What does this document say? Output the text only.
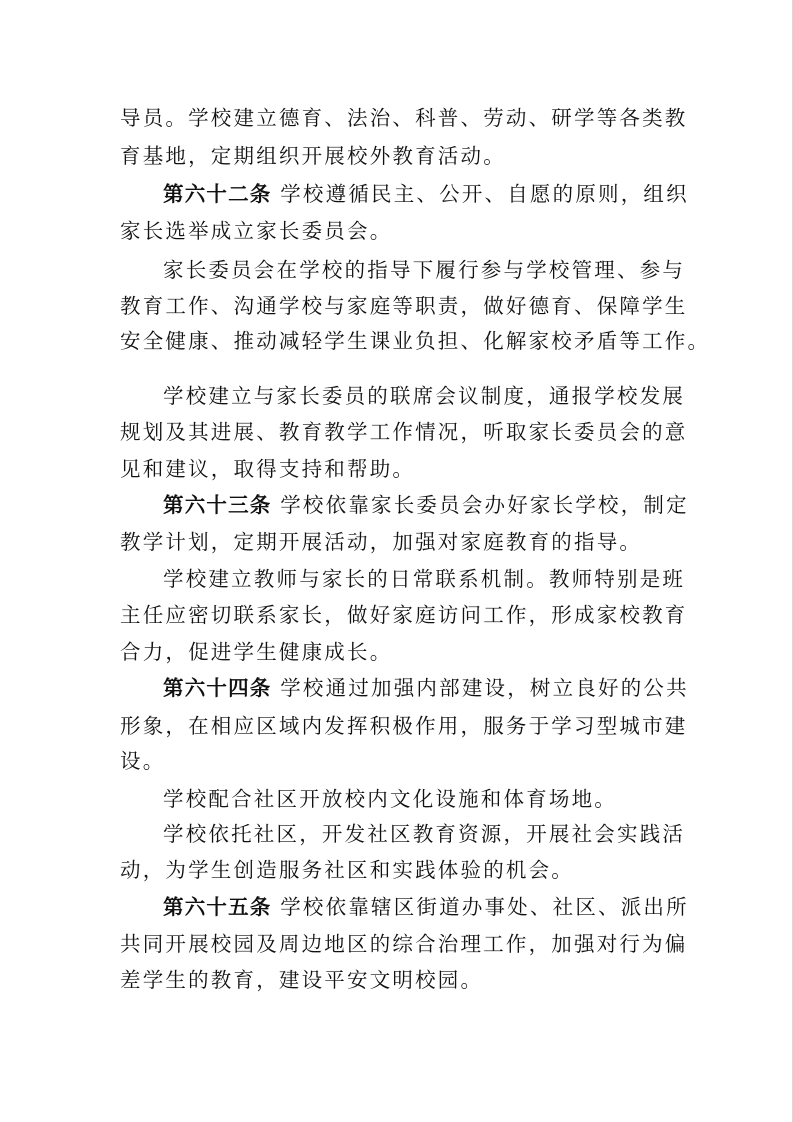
导员。学校建立德育、法治、科普、劳动、研学等各类教
育基地，定期组织开展校外教育活动。
第六十二条 学校遵循民主、公开、自愿的原则，组织
家长选举成立家长委员会。
家长委员会在学校的指导下履行参与学校管理、参与
教育工作、沟通学校与家庭等职责，做好德育、保障学生
安全健康、推动减轻学生课业负担、化解家校矛盾等工作。
学校建立与家长委员的联席会议制度，通报学校发展
规划及其进展、教育教学工作情况，听取家长委员会的意
见和建议，取得支持和帮助。
第六十三条 学校依靠家长委员会办好家长学校，制定
教学计划，定期开展活动，加强对家庭教育的指导。
学校建立教师与家长的日常联系机制。教师特别是班
主任应密切联系家长，做好家庭访问工作，形成家校教育
合力，促进学生健康成长。
第六十四条 学校通过加强内部建设，树立良好的公共
形象，在相应区域内发挥积极作用，服务于学习型城市建
设。
学校配合社区开放校内文化设施和体育场地。
学校依托社区，开发社区教育资源，开展社会实践活
动，为学生创造服务社区和实践体验的机会。
第六十五条 学校依靠辖区街道办事处、社区、派出所
共同开展校园及周边地区的综合治理工作，加强对行为偏
差学生的教育，建设平安文明校园。
